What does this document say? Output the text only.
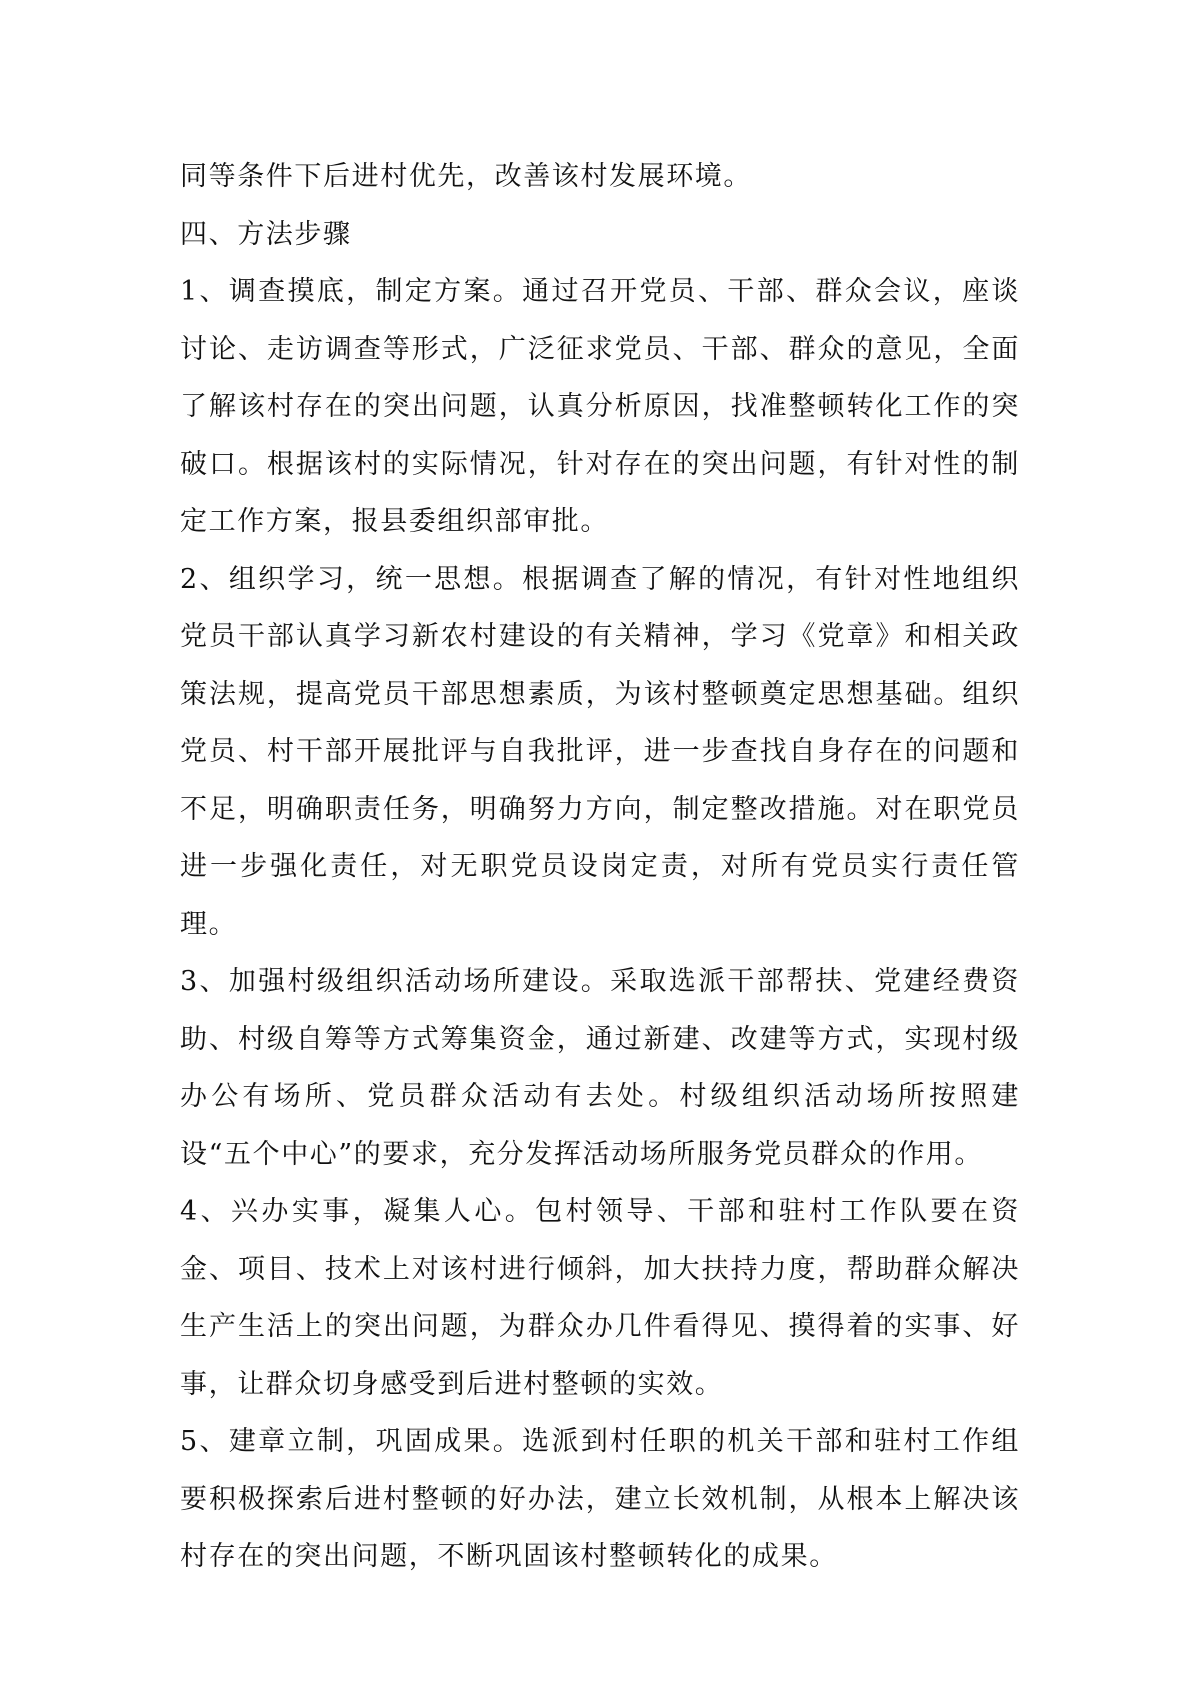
同等条件下后进村优先，改善该村发展环境。

四、方法步骤

1、调查摸底，制定方案。通过召开党员、干部、群众会议，座谈讨论、走访调查等形式，广泛征求党员、干部、群众的意见，全面了解该村存在的突出问题，认真分析原因，找准整顿转化工作的突破口。根据该村的实际情况，针对存在的突出问题，有针对性的制定工作方案，报县委组织部审批。

2、组织学习，统一思想。根据调查了解的情况，有针对性地组织党员干部认真学习新农村建设的有关精神，学习《党章》和相关政策法规，提高党员干部思想素质，为该村整顿奠定思想基础。组织党员、村干部开展批评与自我批评，进一步查找自身存在的问题和不足，明确职责任务，明确努力方向，制定整改措施。对在职党员进一步强化责任，对无职党员设岗定责，对所有党员实行责任管理。

3、加强村级组织活动场所建设。采取选派干部帮扶、党建经费资助、村级自筹等方式筹集资金，通过新建、改建等方式，实现村级办公有场所、党员群众活动有去处。村级组织活动场所按照建设“五个中心”的要求，充分发挥活动场所服务党员群众的作用。

4、兴办实事，凝集人心。包村领导、干部和驻村工作队要在资金、项目、技术上对该村进行倾斜，加大扶持力度，帮助群众解决生产生活上的突出问题，为群众办几件看得见、摸得着的实事、好事，让群众切身感受到后进村整顿的实效。

5、建章立制，巩固成果。选派到村任职的机关干部和驻村工作组要积极探索后进村整顿的好办法，建立长效机制，从根本上解决该村存在的突出问题，不断巩固该村整顿转化的成果。
